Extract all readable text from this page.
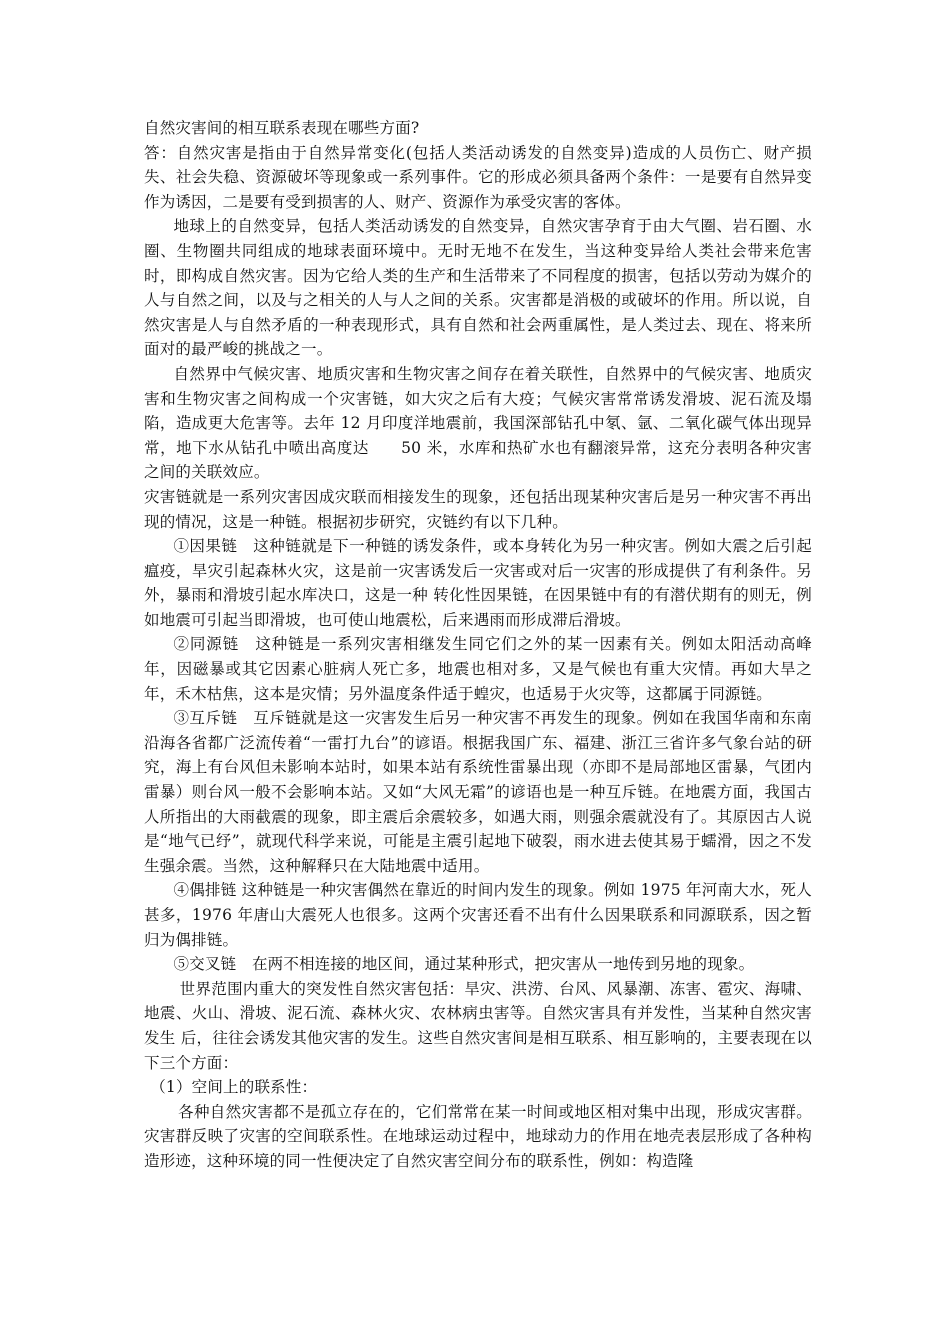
自然灾害间的相互联系表现在哪些方面?

答：自然灾害是指由于自然异常变化(包括人类活动诱发的自然变异)造成的人员伤亡、财产损失、社会失稳、资源破坏等现象或一系列事件。它的形成必须具备两个条件：一是要有自然异变作为诱因，二是要有受到损害的人、财产、资源作为承受灾害的客体。

地球上的自然变异，包括人类活动诱发的自然变异，自然灾害孕育于由大气圈、岩石圈、水圈、生物圈共同组成的地球表面环境中。无时无地不在发生，当这种变异给人类社会带来危害时，即构成自然灾害。因为它给人类的生产和生活带来了不同程度的损害，包括以劳动为媒介的人与自然之间，以及与之相关的人与人之间的关系。灾害都是消极的或破坏的作用。所以说，自然灾害是人与自然矛盾的一种表现形式，具有自然和社会两重属性，是人类过去、现在、将来所面对的最严峻的挑战之一。

自然界中气候灾害、地质灾害和生物灾害之间存在着关联性，自然界中的气候灾害、地质灾害和生物灾害之间构成一个灾害链，如大灾之后有大疫；气候灾害常常诱发滑坡、泥石流及塌陷，造成更大危害等。去年 12 月印度洋地震前，我国深部钻孔中氡、氩、二氧化碳气体出现异常，地下水从钻孔中喷出高度达　　50 米，水库和热矿水也有翻滚异常，这充分表明各种灾害之间的关联效应。

灾害链就是一系列灾害因成灾联而相接发生的现象，还包括出现某种灾害后是另一种灾害不再出现的情况，这是一种链。根据初步研究，灾链约有以下几种。

①因果链　这种链就是下一种链的诱发条件，或本身转化为另一种灾害。例如大震之后引起瘟疫，旱灾引起森林火灾，这是前一灾害诱发后一灾害或对后一灾害的形成提供了有利条件。另外，暴雨和滑坡引起水库决口，这是一种 转化性因果链，在因果链中有的有潜伏期有的则无，例如地震可引起当即滑坡，也可使山地震松，后来遇雨而形成滞后滑坡。

②同源链　这种链是一系列灾害相继发生同它们之外的某一因素有关。例如太阳活动高峰年，因磁暴或其它因素心脏病人死亡多，地震也相对多，又是气候也有重大灾情。再如大旱之年，禾木枯焦，这本是灾情；另外温度条件适于蝗灾，也适易于火灾等，这都属于同源链。

③互斥链　互斥链就是这一灾害发生后另一种灾害不再发生的现象。例如在我国华南和东南沿海各省都广泛流传着“一雷打九台”的谚语。根据我国广东、福建、浙江三省许多气象台站的研究，海上有台风但未影响本站时，如果本站有系统性雷暴出现（亦即不是局部地区雷暴，气团内雷暴）则台风一般不会影响本站。又如“大风无霜”的谚语也是一种互斥链。在地震方面，我国古人所指出的大雨截震的现象，即主震后余震较多，如遇大雨，则强余震就没有了。其原因古人说是“地气已纾”，就现代科学来说，可能是主震引起地下破裂，雨水进去使其易于蠕滑，因之不发生强余震。当然，这种解释只在大陆地震中适用。

④偶排链 这种链是一种灾害偶然在靠近的时间内发生的现象。例如 1975 年河南大水，死人甚多，1976 年唐山大震死人也很多。这两个灾害还看不出有什么因果联系和同源联系，因之暂归为偶排链。

⑤交叉链　在两不相连接的地区间，通过某种形式，把灾害从一地传到另地的现象。

世界范围内重大的突发性自然灾害包括：旱灾、洪涝、台风、风暴潮、冻害、雹灾、海啸、地震、火山、滑坡、泥石流、森林火灾、农林病虫害等。自然灾害具有并发性，当某种自然灾害发生 后，往往会诱发其他灾害的发生。这些自然灾害间是相互联系、相互影响的，主要表现在以下三个方面：

（1）空间上的联系性：

各种自然灾害都不是孤立存在的，它们常常在某一时间或地区相对集中出现，形成灾害群。灾害群反映了灾害的空间联系性。在地球运动过程中，地球动力的作用在地壳表层形成了各种构造形迹，这种环境的同一性便决定了自然灾害空间分布的联系性，例如：构造隆
